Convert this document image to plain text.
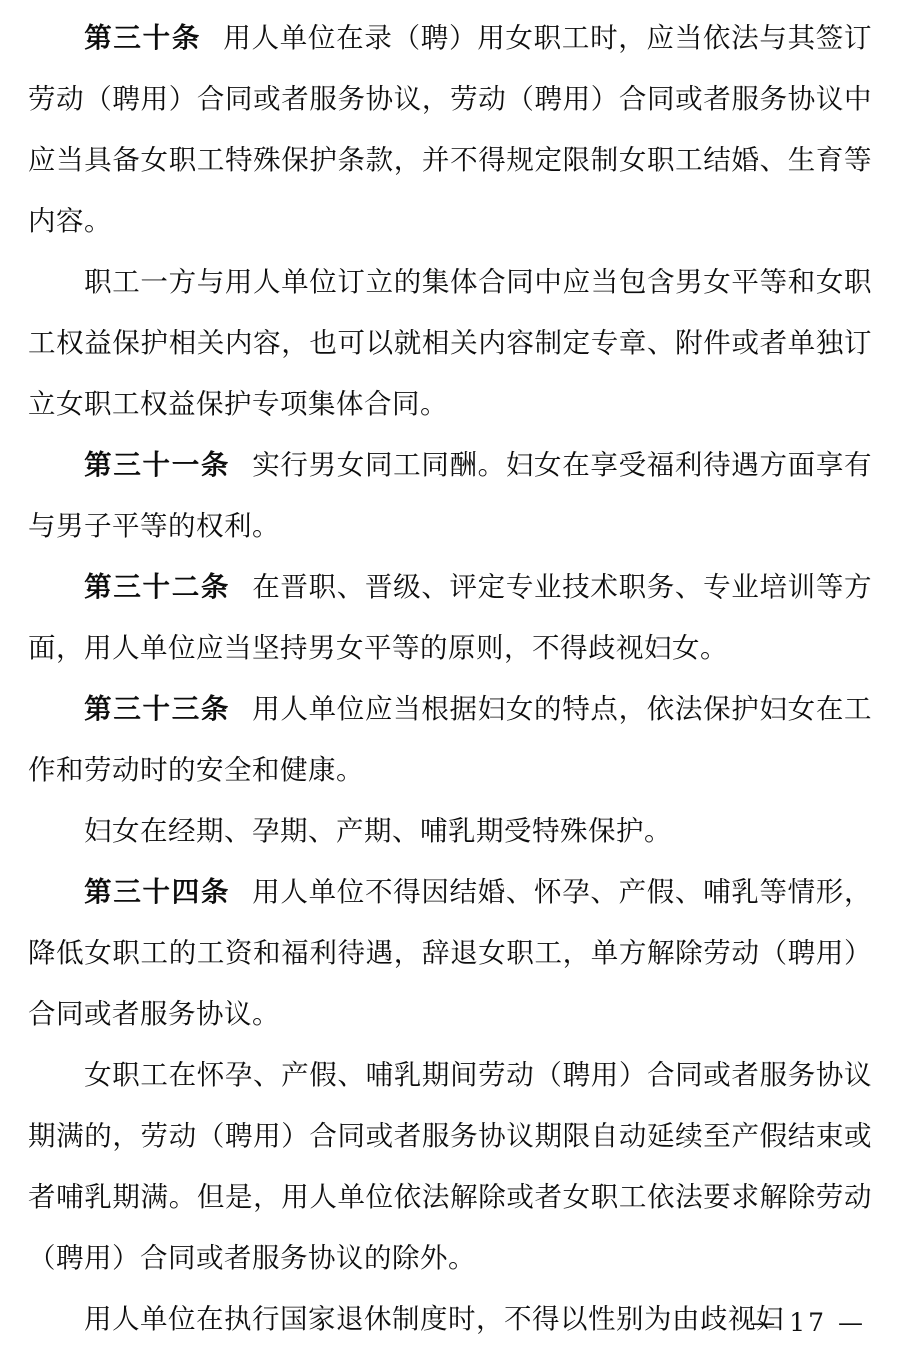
第三十条 用人单位在录（聘）用女职工时，应当依法与其签订劳动（聘用）合同或者服务协议，劳动（聘用）合同或者服务协议中应当具备女职工特殊保护条款，并不得规定限制女职工结婚、生育等内容。

职工一方与用人单位订立的集体合同中应当包含男女平等和女职工权益保护相关内容，也可以就相关内容制定专章、附件或者单独订立女职工权益保护专项集体合同。

第三十一条 实行男女同工同酬。妇女在享受福利待遇方面享有与男子平等的权利。

第三十二条 在晋职、晋级、评定专业技术职务、专业培训等方面，用人单位应当坚持男女平等的原则，不得歧视妇女。

第三十三条 用人单位应当根据妇女的特点，依法保护妇女在工作和劳动时的安全和健康。

妇女在经期、孕期、产期、哺乳期受特殊保护。

第三十四条 用人单位不得因结婚、怀孕、产假、哺乳等情形，降低女职工的工资和福利待遇，辞退女职工，单方解除劳动（聘用）合同或者服务协议。

女职工在怀孕、产假、哺乳期间劳动（聘用）合同或者服务协议期满的，劳动（聘用）合同或者服务协议期限自动延续至产假结束或者哺乳期满。但是，用人单位依法解除或者女职工依法要求解除劳动（聘用）合同或者服务协议的除外。

用人单位在执行国家退休制度时，不得以性别为由歧视妇

— 17 —
